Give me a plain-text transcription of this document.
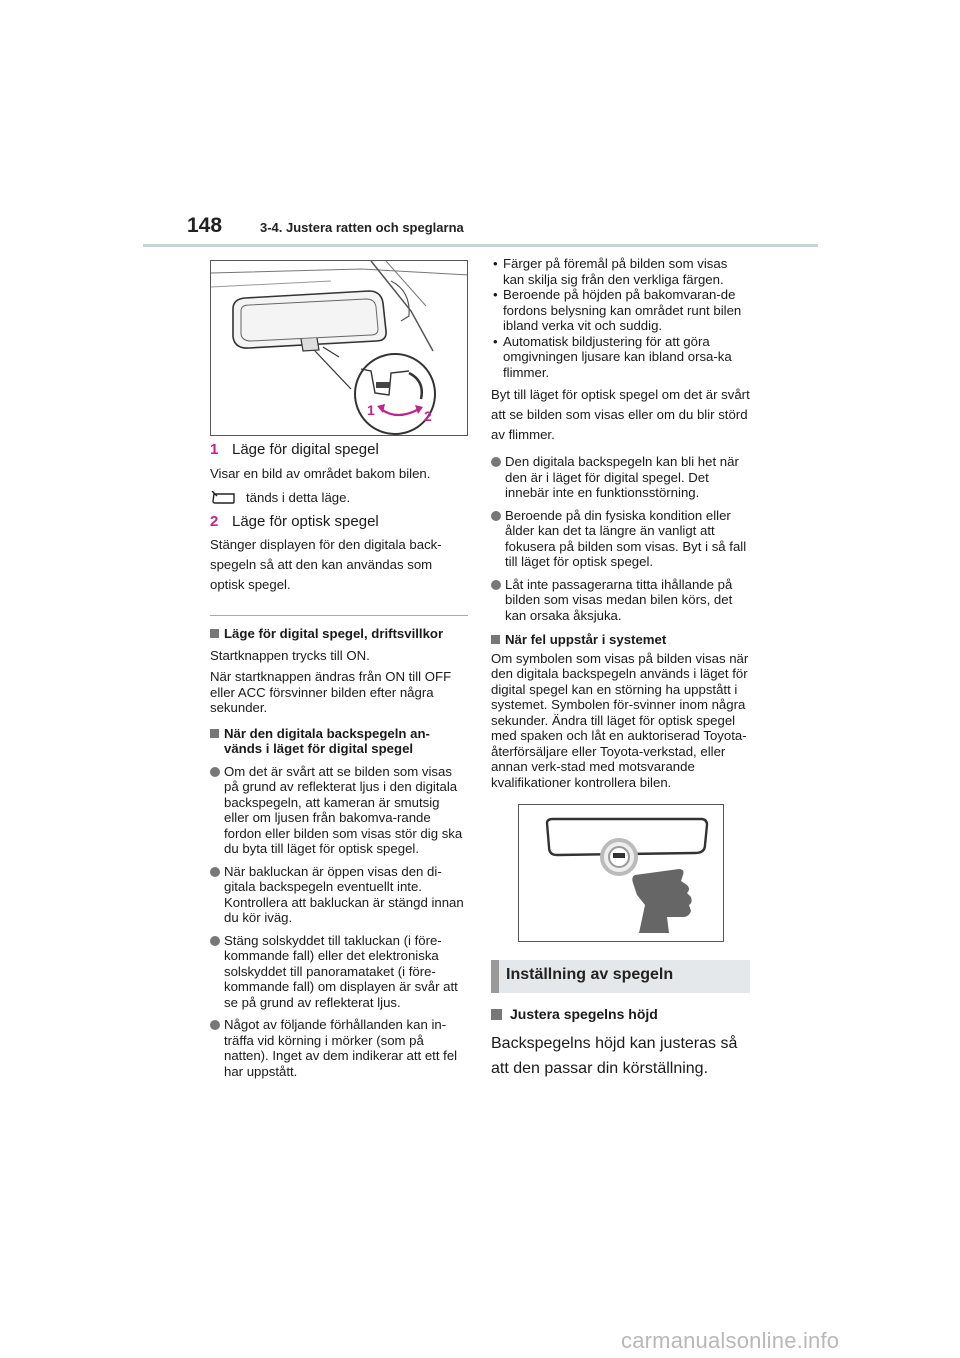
148	3-4. Justera ratten och speglarna
1	2
1 Läge för digital spegel
Visar en bild av området bakom bilen.
tänds i detta läge.
2 Läge för optisk spegel
Stänger displayen för den digitala back-spegeln så att den kan användas som optisk spegel.
Läge för digital spegel, driftsvillkor
Startknappen trycks till ON.
När startknappen ändras från ON till OFF eller ACC försvinner bilden efter några sekunder.
När den digitala backspegeln an-vänds i läget för digital spegel
Om det är svårt att se bilden som visas på grund av reflekterat ljus i den digitala backspegeln, att kameran är smutsig eller om ljusen från bakomva-rande fordon eller bilden som visas stör dig ska du byta till läget för optisk spegel.
När bakluckan är öppen visas den di-gitala backspegeln eventuellt inte. Kontrollera att bakluckan är stängd innan du kör iväg.
Stäng solskyddet till takluckan (i före-kommande fall) eller det elektroniska solskyddet till panoramataket (i före-kommande fall) om displayen är svår att se på grund av reflekterat ljus.
Något av följande förhållanden kan in-träffa vid körning i mörker (som på natten). Inget av dem indikerar att ett fel har uppstått.
• Färger på föremål på bilden som visas kan skilja sig från den verkliga färgen.
• Beroende på höjden på bakomvaran-de fordons belysning kan området runt bilen ibland verka vit och suddig.
• Automatisk bildjustering för att göra omgivningen ljusare kan ibland orsa-ka flimmer.
Byt till läget för optisk spegel om det är svårt att se bilden som visas eller om du blir störd av flimmer.
Den digitala backspegeln kan bli het när den är i läget för digital spegel. Det innebär inte en funktionsstörning.
Beroende på din fysiska kondition eller ålder kan det ta längre än vanligt att fokusera på bilden som visas. Byt i så fall till läget för optisk spegel.
Låt inte passagerarna titta ihållande på bilden som visas medan bilen körs, det kan orsaka åksjuka.
När fel uppstår i systemet
Om symbolen som visas på bilden visas när den digitala backspegeln används i läget för digital spegel kan en störning ha uppstått i systemet. Symbolen för-svinner inom några sekunder. Ändra till läget för optisk spegel med spaken och låt en auktoriserad Toyota-återförsäljare eller Toyota-verkstad, eller annan verk-stad med motsvarande kvalifikationer kontrollera bilen.
Inställning av spegeln
Justera spegelns höjd
Backspegelns höjd kan justeras så att den passar din körställning.
carmanualsonline.info
